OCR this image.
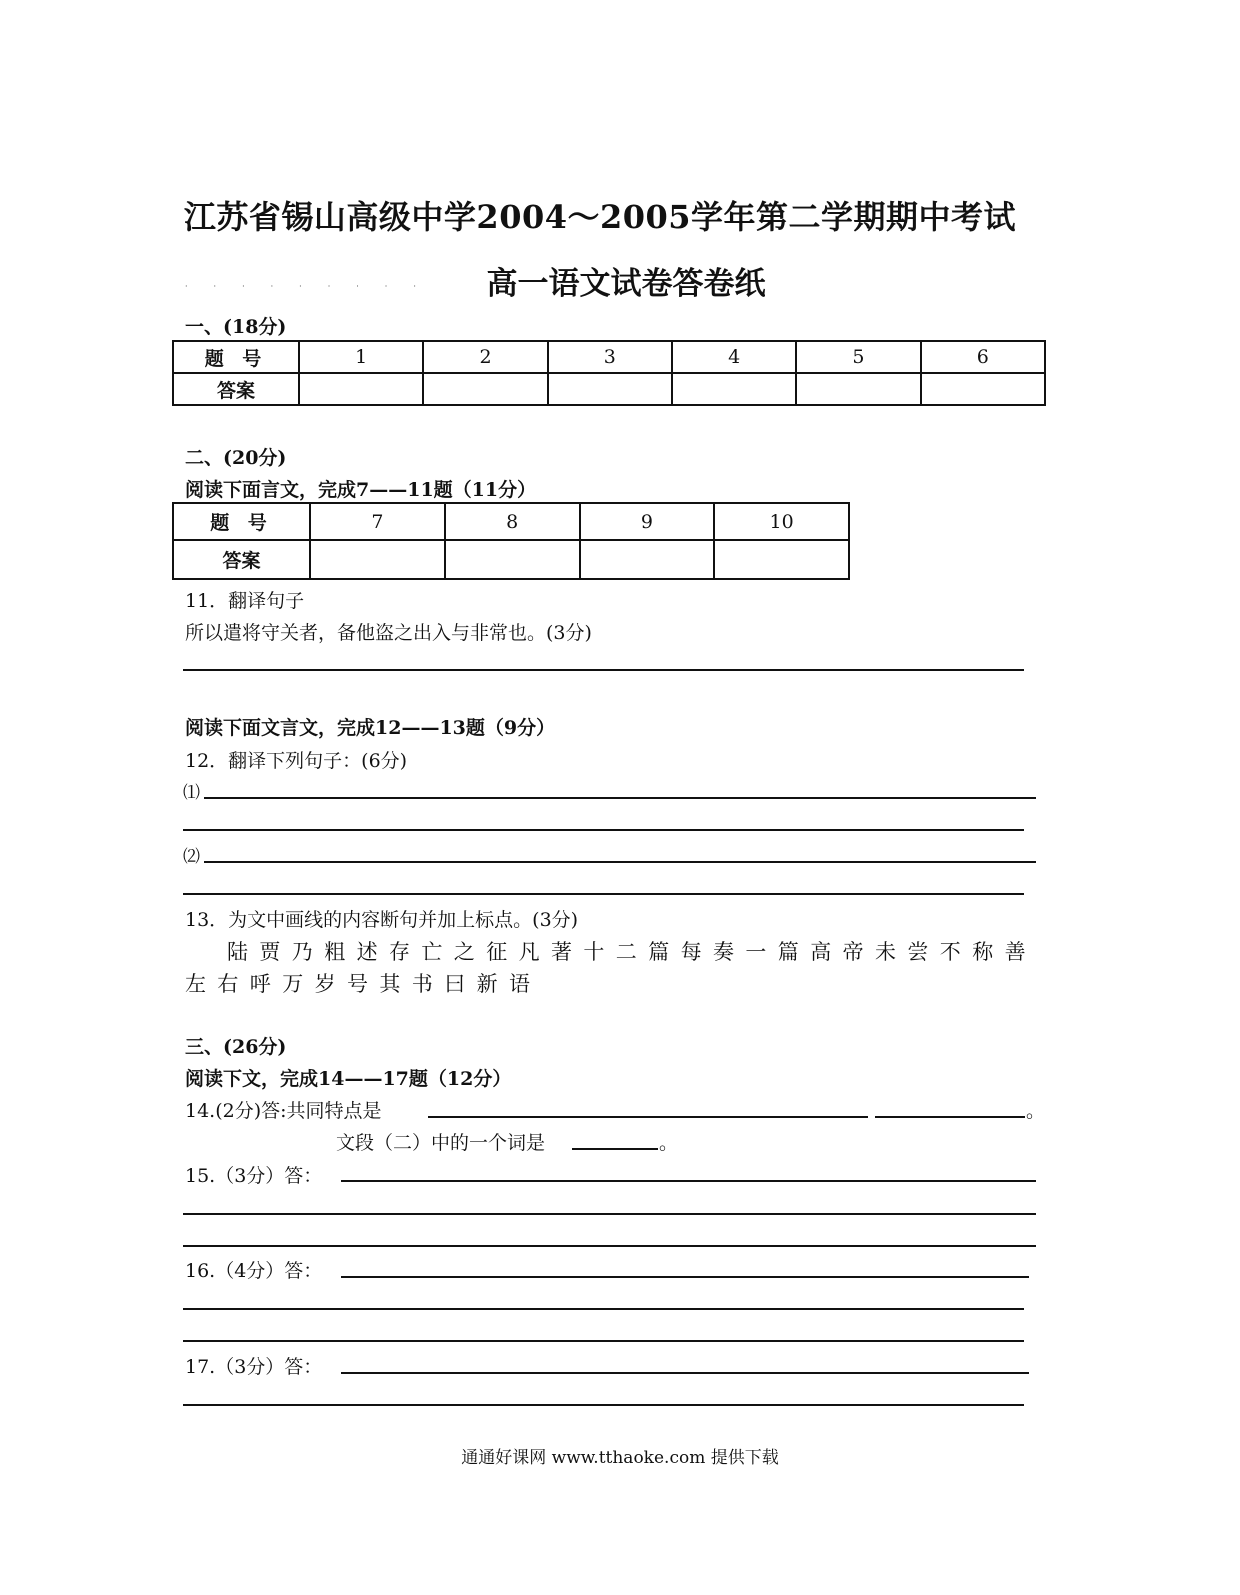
江苏省锡山高级中学2004～2005学年第二学期期中考试
高一语文试卷答卷纸
·········
一、(18分)
题 号	1	2	3	4	5	6
答案						
二、(20分)
阅读下面言文，完成7——11题（11分）
题 号	7	8	9	10
答案				
11．翻译句子
所以遣将守关者，备他盗之出入与非常也。(3分)
阅读下面文言文，完成12——13题（9分）
12．翻译下列句子：(6分)
⑴
⑵
13．为文中画线的内容断句并加上标点。(3分)
陆贾乃粗述存亡之征凡著十二篇每奏一篇高帝未尝不称善
左右呼万岁号其书曰新语
三、(26分)
阅读下文，完成14——17题（12分）
14.(2分)答:共同特点是	。
文段（二）中的一个词是	。
15.（3分）答：
16.（4分）答：
17.（3分）答：
通通好课网 www.tthaoke.com 提供下载
